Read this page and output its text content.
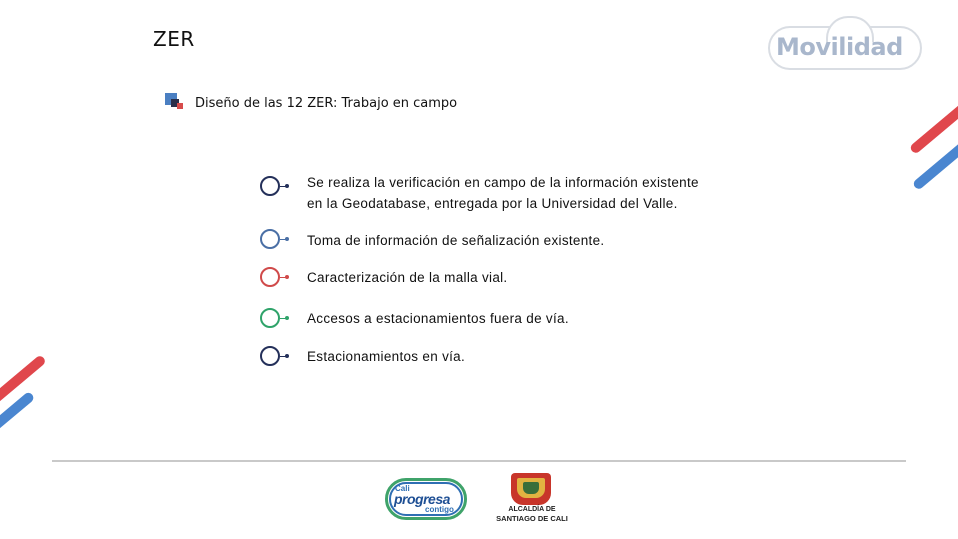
ZER	Movilidad
Diseño de las 12 ZER: Trabajo en campo
Se realiza la verificación en campo de la información existente
en la Geodatabase, entregada por la Universidad del Valle.
Toma de información de señalización existente.
Caracterización de la malla vial.
Accesos a estacionamientos fuera de vía.
Estacionamientos en vía.
Cali
progresa
contigo	ALCALDÍA DE
SANTIAGO DE CALI
